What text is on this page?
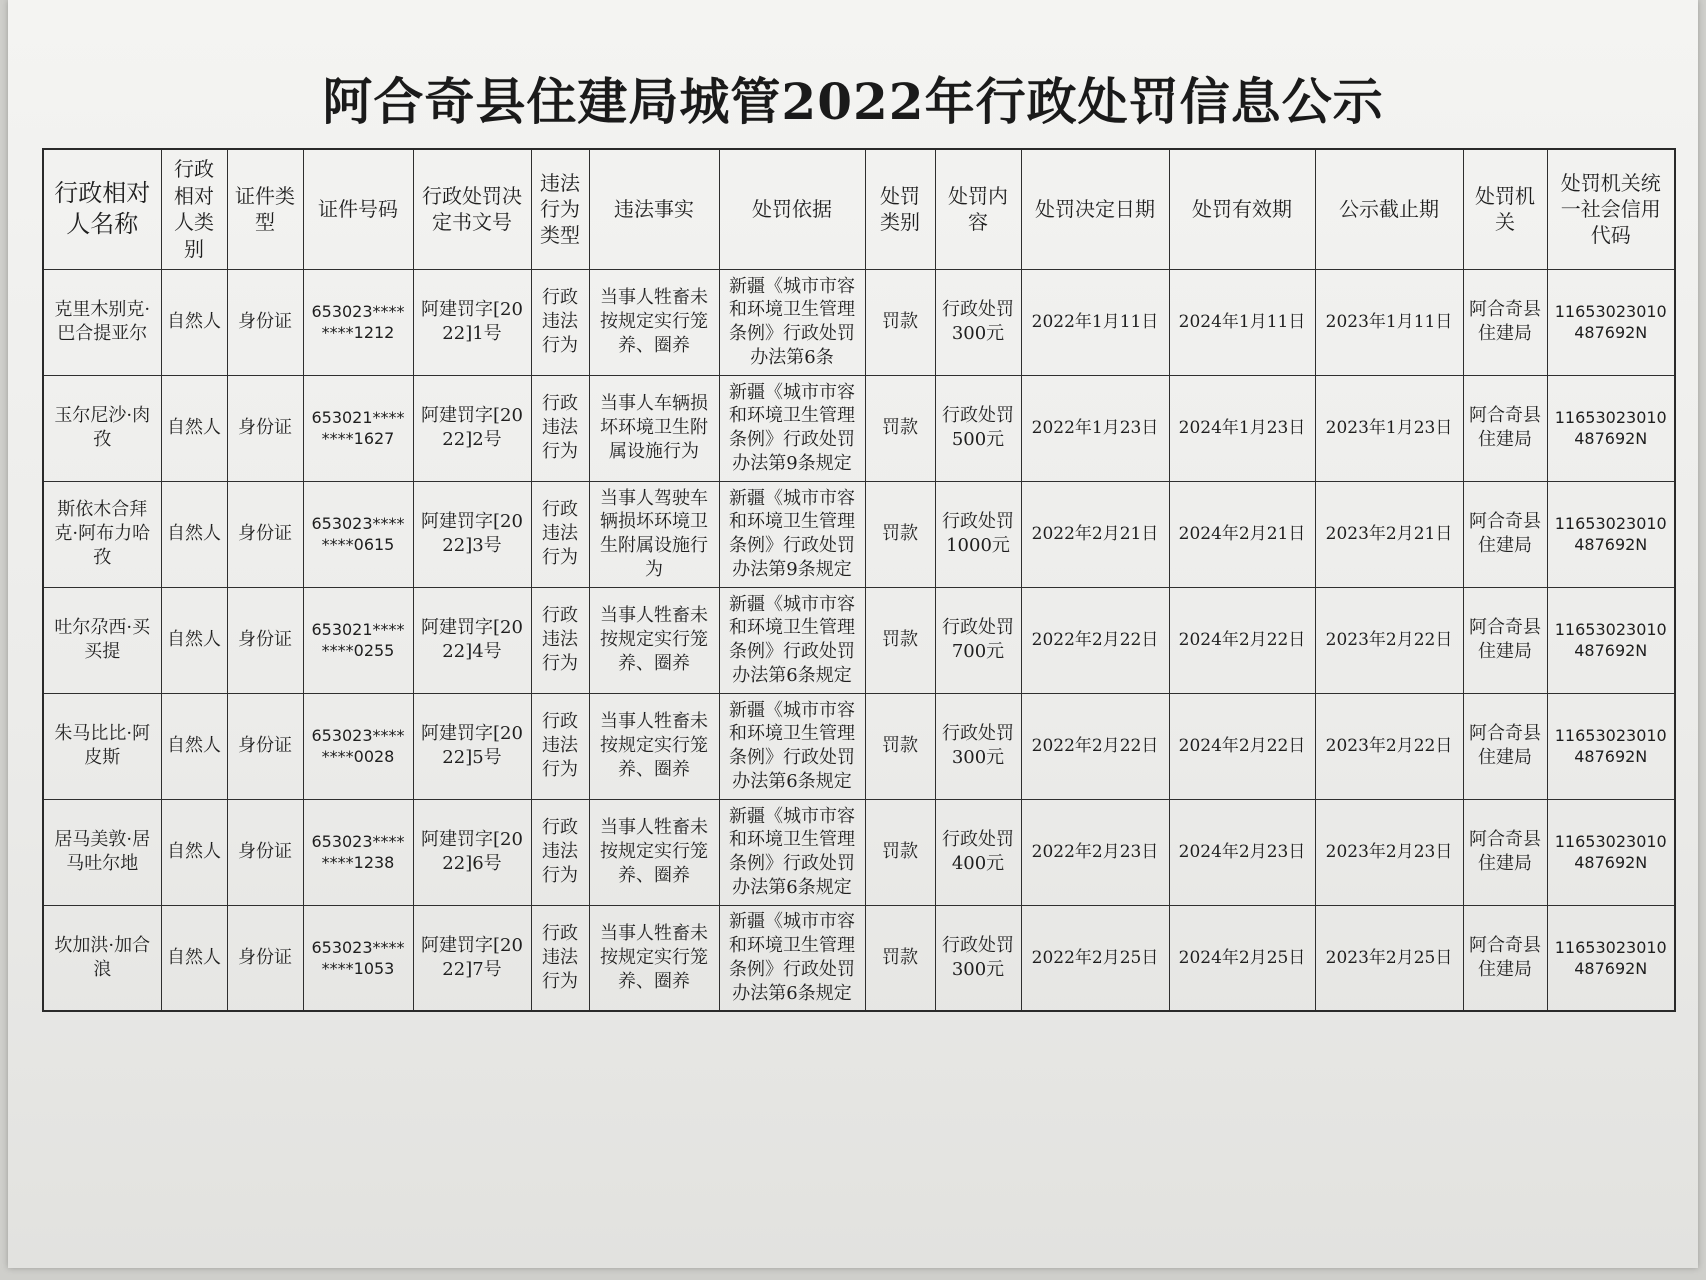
阿合奇县住建局城管2022年行政处罚信息公示
行政相对人名称	行政相对人类别	证件类型	证件号码	行政处罚决定书文号	违法行为类型	违法事实	处罚依据	处罚类别	处罚内容	处罚决定日期	处罚有效期	公示截止期	处罚机关	处罚机关统一社会信用代码
克里木别克·巴合提亚尔	自然人	身份证	653023********1212	阿建罚字[2022]1号	行政违法行为	当事人牲畜未按规定实行笼养、圈养	新疆《城市市容和环境卫生管理条例》行政处罚办法第6条	罚款	行政处罚300元	2022年1月11日	2024年1月11日	2023年1月11日	阿合奇县住建局	11653023010487692N
玉尔尼沙·肉孜	自然人	身份证	653021********1627	阿建罚字[2022]2号	行政违法行为	当事人车辆损坏环境卫生附属设施行为	新疆《城市市容和环境卫生管理条例》行政处罚办法第9条规定	罚款	行政处罚500元	2022年1月23日	2024年1月23日	2023年1月23日	阿合奇县住建局	11653023010487692N
斯依木合拜克·阿布力哈孜	自然人	身份证	653023********0615	阿建罚字[2022]3号	行政违法行为	当事人驾驶车辆损坏环境卫生附属设施行为	新疆《城市市容和环境卫生管理条例》行政处罚办法第9条规定	罚款	行政处罚1000元	2022年2月21日	2024年2月21日	2023年2月21日	阿合奇县住建局	11653023010487692N
吐尔尕西·买买提	自然人	身份证	653021********0255	阿建罚字[2022]4号	行政违法行为	当事人牲畜未按规定实行笼养、圈养	新疆《城市市容和环境卫生管理条例》行政处罚办法第6条规定	罚款	行政处罚700元	2022年2月22日	2024年2月22日	2023年2月22日	阿合奇县住建局	11653023010487692N
朱马比比·阿皮斯	自然人	身份证	653023********0028	阿建罚字[2022]5号	行政违法行为	当事人牲畜未按规定实行笼养、圈养	新疆《城市市容和环境卫生管理条例》行政处罚办法第6条规定	罚款	行政处罚300元	2022年2月22日	2024年2月22日	2023年2月22日	阿合奇县住建局	11653023010487692N
居马美敦·居马吐尔地	自然人	身份证	653023********1238	阿建罚字[2022]6号	行政违法行为	当事人牲畜未按规定实行笼养、圈养	新疆《城市市容和环境卫生管理条例》行政处罚办法第6条规定	罚款	行政处罚400元	2022年2月23日	2024年2月23日	2023年2月23日	阿合奇县住建局	11653023010487692N
坎加洪·加合浪	自然人	身份证	653023********1053	阿建罚字[2022]7号	行政违法行为	当事人牲畜未按规定实行笼养、圈养	新疆《城市市容和环境卫生管理条例》行政处罚办法第6条规定	罚款	行政处罚300元	2022年2月25日	2024年2月25日	2023年2月25日	阿合奇县住建局	11653023010487692N
